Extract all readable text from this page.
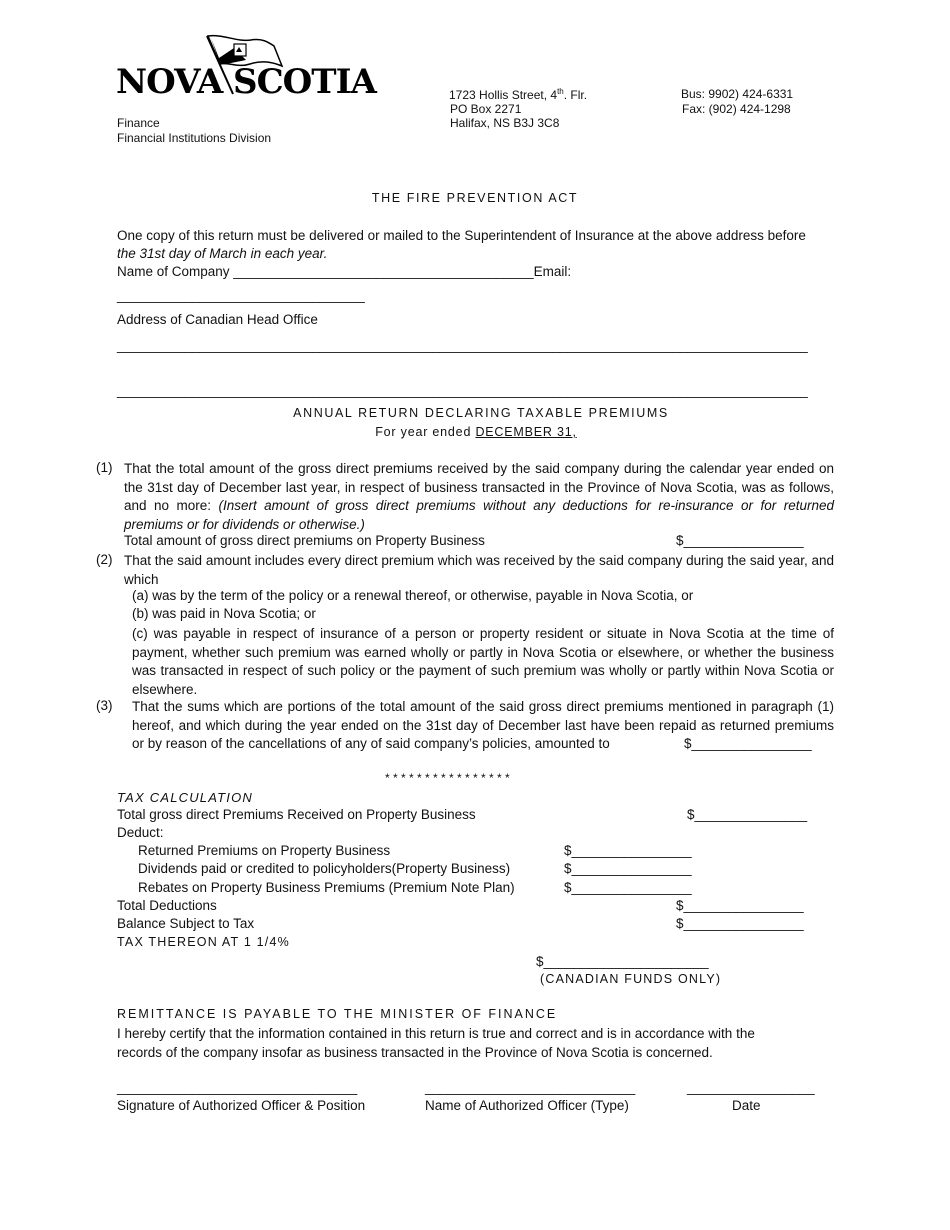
NOVA SCOTIA
Finance
Financial Institutions Division
1723 Hollis Street, 4th. Flr.
PO Box 2271
Halifax, NS B3J 3C8
Bus: 9902) 424-6331
Fax: (902) 424-1298
THE FIRE PREVENTION ACT
One copy of this return must be delivered or mailed to the Superintendent of Insurance at the above address before
the 31st day of March in each year.
Name of Company ________________________________________Email:
_________________________________
Address of Canadian Head Office
____________________________________________________________________________________________
____________________________________________________________________________________________
ANNUAL RETURN DECLARING TAXABLE PREMIUMS
For year ended DECEMBER 31,
(1) That the total amount of the gross direct premiums received by the said company during the calendar year ended on the 31st day of December last year, in respect of business transacted in the Province of Nova Scotia, was as follows, and no more: (Insert amount of gross direct premiums without any deductions for re-insurance or for returned premiums or for dividends or otherwise.)
Total amount of gross direct premiums on Property Business	$________________
(2) That the said amount includes every direct premium which was received by the said company during the said year, and which
(a) was by the term of the policy or a renewal thereof, or otherwise, payable in Nova Scotia, or
(b) was paid in Nova Scotia; or
(c) was payable in respect of insurance of a person or property resident or situate in Nova Scotia at the time of payment, whether such premium was earned wholly or partly in Nova Scotia or elsewhere, or whether the business was transacted in respect of such policy or the payment of such premium was wholly or partly within Nova Scotia or elsewhere.
(3) That the sums which are portions of the total amount of the said gross direct premiums mentioned in paragraph (1) hereof, and which during the year ended on the 31st day of December last have been repaid as returned premiums or by reason of the cancellations of any of said company’s policies, amounted to	$________________
* * * * * * * * * * * * * * * *
TAX CALCULATION
Total gross direct Premiums Received on Property Business	$_______________
Deduct:
Returned Premiums on Property Business	$________________
Dividends paid or credited to policyholders(Property Business)	$________________
Rebates on Property Business Premiums (Premium Note Plan)	$________________
Total Deductions	$________________
Balance Subject to Tax	$________________
TAX THEREON AT 1 1/4%
$______________________
(CANADIAN FUNDS ONLY)
REMITTANCE IS PAYABLE TO THE MINISTER OF FINANCE
I hereby certify that the information contained in this return is true and correct and is in accordance with the records of the company insofar as business transacted in the Province of Nova Scotia is concerned.
________________________________
Signature of Authorized Officer & Position
____________________________
Name of Authorized Officer (Type)
_________________
Date
